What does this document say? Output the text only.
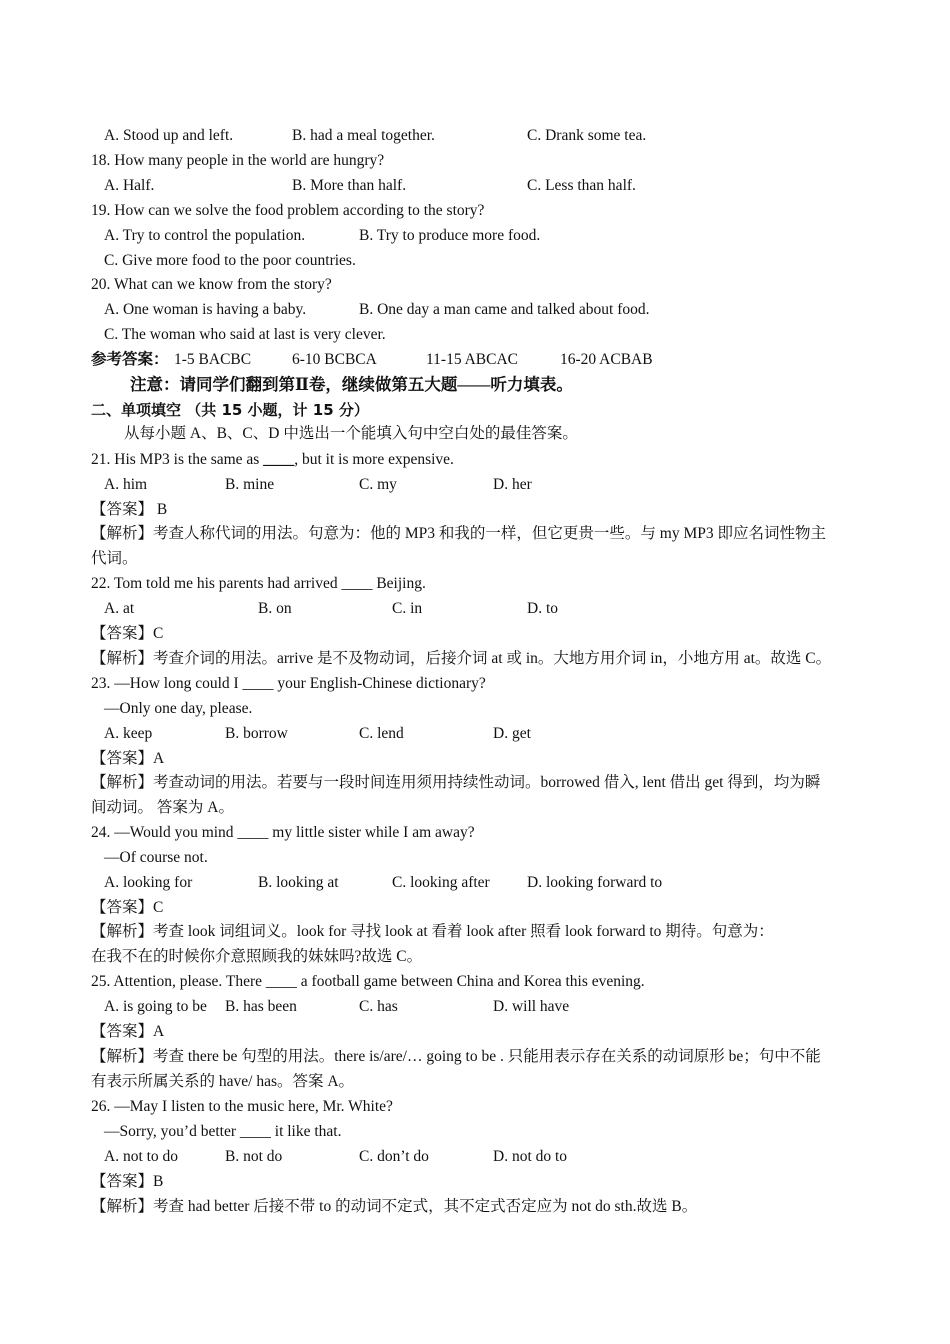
A. Stood up and left.	B. had a meal together.	C. Drank some tea.
18. How many people in the world are hungry?
A. Half.	B. More than half.	C. Less than half.
19. How can we solve the food problem according to the story?
A. Try to control the population.	B. Try to produce more food.
C. Give more food to the poor countries.
20. What can we know from the story?
A. One woman is having a baby.	B. One day a man came and talked about food.
C. The woman who said at last is very clever.
参考答案： 1-5 BACBC	6-10 BCBCA	11-15 ABCAC	16-20 ACBAB
注意：请同学们翻到第Ⅱ卷，继续做第五大题——听力填表。
二、单项填空 （共 15 小题，计 15 分）
从每小题 A、B、C、D 中选出一个能填入句中空白处的最佳答案。
21. His MP3 is the same as ____, but it is more expensive.
A. him	B. mine	C. my	D. her
【答案】 B
【解析】考查人称代词的用法。句意为：他的 MP3 和我的一样，但它更贵一些。与 my MP3 即应名词性物主
代词。
22. Tom told me his parents had arrived ____ Beijing.
A. at	B. on	C. in	D. to
【答案】C
【解析】考查介词的用法。arrive 是不及物动词，后接介词 at 或 in。大地方用介词 in，小地方用 at。故选 C。
23. —How long could I ____ your English-Chinese dictionary?
—Only one day, please.
A. keep	B. borrow	C. lend	D. get
【答案】A
【解析】考查动词的用法。若要与一段时间连用须用持续性动词。borrowed 借入, lent 借出 get 得到，均为瞬
间动词。 答案为 A。
24. —Would you mind ____ my little sister while I am away?
—Of course not.
A. looking for	B. looking at	C. looking after D. looking forward to
【答案】C
【解析】考查 look 词组词义。look for 寻找 look at 看着 look after 照看 look forward to 期待。句意为：
在我不在的时候你介意照顾我的妹妹吗?故选 C。
25. Attention, please. There ____ a football game between China and Korea this evening.
A. is going to be B. has been	C. has	D. will have
【答案】A
【解析】考查 there be 句型的用法。there is/are/… going to be . 只能用表示存在关系的动词原形 be；句中不能
有表示所属关系的 have/ has。答案 A。
26. —May I listen to the music here, Mr. White?
—Sorry, you’d better ____ it like that.
A. not to do	B. not do	C. don’t do	D. not do to
【答案】B
【解析】考查 had better 后接不带 to 的动词不定式，其不定式否定应为 not do sth.故选 B。
